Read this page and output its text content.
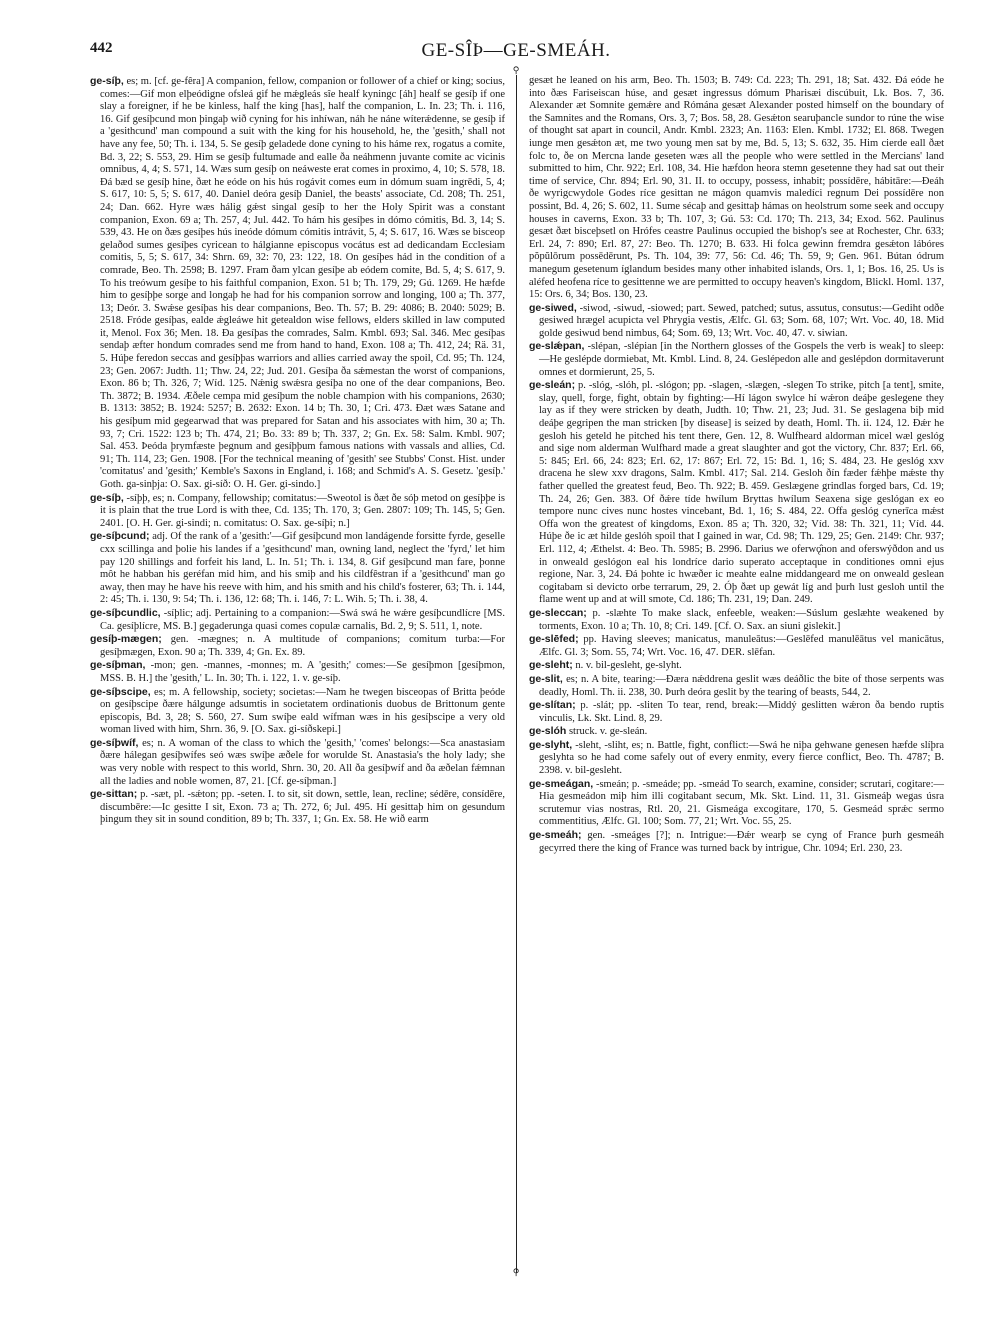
442	GE-SÎÞ—GE-SMEÁH.
⚲
⚲

ge-síþ, es; m. [cf. ge-fêra] A companion, fellow, companion or follower of a chief or king; socius, comes:—Gif mon elþeódigne ofsleá gif he mǽgleás sîe healf kyningc [áh] healf se gesíþ if one slay a foreigner, if he be kinless, half the king [has], half the companion, L. In. 23; Th. i. 116, 16. Gif gesíþcund mon þingaþ wið cyning for his inhíwan, náh he náne wíterǽdenne, se gesíþ if a 'gesithcund' man compound a suit with the king for his household, he, the 'gesith,' shall not have any fee, 50; Th. i. 134, 5. Se gesíþ geladede done cyning to his háme rex, rogatus a comite, Bd. 3, 22; S. 553, 29. Him se gesíþ fultumade and ealle ða neáhmenn juvante comite ac vicinis omnibus, 4, 4; S. 571, 14. Wæs sum gesíþ on neáweste erat comes in proximo, 4, 10; S. 578, 18. Ðá bæd se gesíþ hine, ðæt he eóde on his hús rogávit comes eum in dómum suam ingrēdi, 5, 4; S. 617, 10: 5, 5; S. 617, 40. Daniel deóra gesíþ Daniel, the beasts' associate, Cd. 208; Th. 251, 24; Dan. 662. Hyre wæs hálig gǽst singal gesíþ to her the Holy Spirit was a constant companion, Exon. 69 a; Th. 257, 4; Jul. 442. To hám his gesíþes in dómo cómitis, Bd. 3, 14; S. 539, 43. He on ðæs gesíþes hús ineóde dómum cómitis intrávit, 5, 4; S. 617, 16. Wæs se bisceop gelaðod sumes gesíþes cyricean to hálgianne episcopus vocátus est ad dedicandam Ecclesiam comitis, 5, 5; S. 617, 34: Shrn. 69, 32: 70, 23: 122, 18. On gesíþes hád in the condition of a comrade, Beo. Th. 2598; B. 1297. Fram ðam ylcan gesíþe ab eódem comite, Bd. 5, 4; S. 617, 9. To his treówum gesíþe to his faithful companion, Exon. 51 b; Th. 179, 29; Gú. 1269. He hæfde him to gesíþþe sorge and longaþ he had for his companion sorrow and longing, 100 a; Th. 377, 13; Deór. 3. Swǽse gesíþas his dear companions, Beo. Th. 57; B. 29: 4086; B. 2040: 5029; B. 2518. Fróde gesíþas, ealde ǽgleáwe hit getealdon wise fellows, elders skilled in law computed it, Menol. Fox 36; Men. 18. Ða gesíþas the comrades, Salm. Kmbl. 693; Sal. 346. Mec gesíþas sendaþ æfter hondum comrades send me from hand to hand, Exon. 108 a; Th. 412, 24; Rä. 31, 5. Húþe feredon seccas and gesíþþas warriors and allies carried away the spoil, Cd. 95; Th. 124, 23; Gen. 2067: Judth. 11; Thw. 24, 22; Jud. 201. Gesíþa ða sǽmestan the worst of companions, Exon. 86 b; Th. 326, 7; Wíd. 125. Nǽnig swǽsra gesíþa no one of the dear companions, Beo. Th. 3872; B. 1934. Æðele cempa mid gesíþum the noble champion with his companions, 2630; B. 1313: 3852; B. 1924: 5257; B. 2632: Exon. 14 b; Th. 30, 1; Cri. 473. Ðæt wæs Satane and his gesíþum mid gegearwad that was prepared for Satan and his associates with him, 30 a; Th. 93, 7; Cri. 1522: 123 b; Th. 474, 21; Bo. 33: 89 b; Th. 337, 2; Gn. Ex. 58: Salm. Kmbl. 907; Sal. 453. Þeóda þrymfæste þegnum and gesíþþum famous nations with vassals and allies, Cd. 91; Th. 114, 23; Gen. 1908. [For the technical meaning of 'gesith' see Stubbs' Const. Hist. under 'comitatus' and 'gesith;' Kemble's Saxons in England, i. 168; and Schmid's A. S. Gesetz. 'gesíþ.' Goth. ga-sinþja: O. Sax. gi-síð: O. H. Ger. gi-sindo.]

ge-síþ, -síþþ, es; n. Company, fellowship; comitatus:—Sweotol is ðæt ðe sóþ metod on gesíþþe is it is plain that the true Lord is with thee, Cd. 135; Th. 170, 3; Gen. 2807: 109; Th. 145, 5; Gen. 2401. [O. H. Ger. gi-sindi; n. comitatus: O. Sax. ge-síþi; n.]

ge-síþcund; adj. Of the rank of a 'gesith:'—Gif gesíþcund mon landágende forsitte fyrde, geselle cxx scillinga and þolie his landes if a 'gesithcund' man, owning land, neglect the 'fyrd,' let him pay 120 shillings and forfeit his land, L. In. 51; Th. i. 134, 8. Gif gesíþcund man fare, þonne môt he habban his geréfan mid him, and his smiþ and his cildfêstran if a 'gesithcund' man go away, then may he have his reeve with him, and his smith and his child's fosterer, 63; Th. i. 144, 2: 45; Th. i. 130, 9: 54; Th. i. 136, 12: 68; Th. i. 146, 7: L. Wih. 5; Th. i. 38, 4.

ge-síþcundlic, -síþlic; adj. Pertaining to a companion:—Swá swá he wǽre gesíþcundlícre [MS. Ca. gesíþlícre, MS. B.] gegaderunga quasi comes copulæ carnalis, Bd. 2, 9; S. 511, 1, note.

gesíþ-mægen; gen. -mægnes; n. A multitude of companions; comitum turba:—For gesíþmægen, Exon. 90 a; Th. 339, 4; Gn. Ex. 89.

ge-síþman, -mon; gen. -mannes, -monnes; m. A 'gesith;' comes:—Se gesíþmon [gesíþmon, MSS. B. H.] the 'gesith,' L. In. 30; Th. i. 122, 1. v. ge-síþ.

ge-síþscipe, es; m. A fellowship, society; societas:—Nam he twegen bisceopas of Britta þeóde on gesíþscipe ðære hálgunge adsumtis in societatem ordinationis duobus de Brittonum gente episcopis, Bd. 3, 28; S. 560, 27. Sum swíþe eald wífman wæs in his gesíþscipe a very old woman lived with him, Shrn. 36, 9. [O. Sax. gi-síðskepi.]

ge-síþwíf, es; n. A woman of the class to which the 'gesith,' 'comes' belongs:—Sca anastasiam ðære hálegan gesíþwífes seó wæs swíþe æðele for worulde St. Anastasia's the holy lady; she was very noble with respect to this world, Shrn. 30, 20. All ða gesíþwíf and ða æðelan fǽmnan all the ladies and noble women, 87, 21. [Cf. ge-síþman.]

ge-sittan; p. -sæt, pl. -sǽton; pp. -seten. I. to sit, sit down, settle, lean, recline; sédēre, consídēre, discumbēre:—Ic gesitte I sit, Exon. 73 a; Th. 272, 6; Jul. 495. Hí gesittaþ him on gesundum þingum they sit in sound condition, 89 b; Th. 337, 1; Gn. Ex. 58. He wið earm

gesæt he leaned on his arm, Beo. Th. 1503; B. 749: Cd. 223; Th. 291, 18; Sat. 432. Ðá eóde he into ðæs Fariseiscan húse, and gesæt ingressus dómum Pharisæi discúbuit, Lk. Bos. 7, 36. Alexander æt Somnite gemǽre and Rómána gesæt Alexander posted himself on the boundary of the Samnites and the Romans, Ors. 3, 7; Bos. 58, 28. Gesǽton searuþancle sundor to rúne the wise of thought sat apart in council, Andr. Kmbl. 2323; An. 1163: Elen. Kmbl. 1732; El. 868. Twegen iunge men gesǽton æt, me two young men sat by me, Bd. 5, 13; S. 632, 35. Him cierde eall ðæt folc to, ðe on Mercna lande geseten wæs all the people who were settled in the Mercians' land submitted to him, Chr. 922; Erl. 108, 34. Hie hæfdon heora stemn gesetenne they had sat out their time of service, Chr. 894; Erl. 90, 31. II. to occupy, possess, inhabit; possídēre, hábitāre:—Ðeáh ðe wyrigcwydole Godes ríce gesittan ne mágon quamvis maledíci regnum Dei possídēre non possint, Bd. 4, 26; S. 602, 11. Sume sécaþ and gesittaþ hámas on heolstrum some seek and occupy houses in caverns, Exon. 33 b; Th. 107, 3; Gú. 53: Cd. 170; Th. 213, 34; Exod. 562. Paulinus gesæt ðæt bisceþsetl on Hrófes ceastre Paulinus occupied the bishop's see at Rochester, Chr. 633; Erl. 24, 7: 890; Erl. 87, 27: Beo. Th. 1270; B. 633. Hi folca gewinn fremdra gesǽton lábóres pŏpŭlōrum possēdērunt, Ps. Th. 104, 39: 77, 56: Cd. 46; Th. 59, 9; Gen. 961. Bútan ódrum manegum gesetenum íglandum besides many other inhabited islands, Ors. 1, 1; Bos. 16, 25. Us is aléfed heofena ríce to gesittenne we are permitted to occupy heaven's kingdom, Blickl. Homl. 137, 15: Ors. 6, 34; Bos. 130, 23.

ge-siwed, -siwod, -siwud, -siowed; part. Sewed, patched; sutus, assutus, consutus:—Gediht odðe gesiwed hrægel acupicta vel Phrygia vestis, Ælfc. Gl. 63; Som. 68, 107; Wrt. Voc. 40, 18. Mid golde gesiwud bend nimbus, 64; Som. 69, 13; Wrt. Voc. 40, 47. v. siwian.

ge-slǽpan, -slépan, -slépian [in the Northern glosses of the Gospels the verb is weak] to sleep:—He geslépde dormiebat, Mt. Kmbl. Lind. 8, 24. Geslépedon alle and geslépdon dormitaverunt omnes et dormierunt, 25, 5.

ge-sleán; p. -slóg, -slóh, pl. -slógon; pp. -slagen, -slægen, -slegen To strike, pitch [a tent], smite, slay, quell, forge, fight, obtain by fighting:—Hí lágon swylce hí wǽron deáþe geslegene they lay as if they were stricken by death, Judth. 10; Thw. 21, 23; Jud. 31. Se geslagena biþ mid deáþe gegripen the man stricken [by disease] is seized by death, Homl. Th. ii. 124, 12. Ðǽr he gesloh his geteld he pitched his tent there, Gen. 12, 8. Wulfheard aldorman micel wæl geslóg and sige nom alderman Wulfhard made a great slaughter and got the victory, Chr. 837; Erl. 66, 5: 845; Erl. 66, 24: 823; Erl. 62, 17: 867; Erl. 72, 15: Bd. 1, 16; S. 484, 23. He geslóg xxv dracena he slew xxv dragons, Salm. Kmbl. 417; Sal. 214. Gesloh ðín fæder fǽhþe mǽste thy father quelled the greatest feud, Beo. Th. 922; B. 459. Geslægene grindlas forged bars, Cd. 19; Th. 24, 26; Gen. 383. Of ðǽre tíde hwílum Bryttas hwílum Seaxena sige geslógan ex eo tempore nunc cives nunc hostes vincebant, Bd. 1, 16; S. 484, 22. Offa geslóg cynerīca mǽst Offa won the greatest of kingdoms, Exon. 85 a; Th. 320, 32; Víd. 38: Th. 321, 11; Víd. 44. Húþe ðe ic æt hilde geslóh spoil that I gained in war, Cd. 98; Th. 129, 25; Gen. 2149: Chr. 937; Erl. 112, 4; Æthelst. 4: Beo. Th. 5985; B. 2996. Darius we oferwǫ̂non and oferswýðdon and us in onweald geslógon eal his londríce dario superato acceptaque in conditiones omni ejus regione, Nar. 3, 24. Ðá þohte ic hwæðer ic meahte ealne middangeard me on onweald geslean cogitabam si devicto orbe terrarum, 29, 2. Óþ ðæt up gewát líg and þurh lust gesloh until the flame went up and at will smote, Cd. 186; Th. 231, 19; Dan. 249.

ge-sleccan; p. -slæhte To make slack, enfeeble, weaken:—Súslum geslæhte weakened by torments, Exon. 10 a; Th. 10, 8; Cri. 149. [Cf. O. Sax. an siuni gislekit.]

ge-slēfed; pp. Having sleeves; manicatus, manuleātus:—Geslēfed manulēātus vel manicātus, Ælfc. Gl. 3; Som. 55, 74; Wrt. Voc. 16, 47. DER. slēfan.

ge-sleht; n. v. bil-gesleht, ge-slyht.

ge-slit, es; n. A bite, tearing:—Ðæra nǽddrena geslit wæs deáðlic the bite of those serpents was deadly, Homl. Th. ii. 238, 30. Þurh deóra geslit by the tearing of beasts, 544, 2.

ge-slítan; p. -slát; pp. -sliten To tear, rend, break:—Middý geslitten wǽron ða bendo ruptis vinculis, Lk. Skt. Lind. 8, 29.

ge-slóh struck. v. ge-sleán.

ge-slyht, -sleht, -sliht, es; n. Battle, fight, conflict:—Swá he niþa gehwane genesen hæfde slíþra geslyhta so he had come safely out of every enmity, every fierce conflict, Beo. Th. 4787; B. 2398. v. bil-gesleht.

ge-smeágan, -smeán; p. -smeáde; pp. -smeád To search, examine, consider; scrutari, cogitare:—Hia gesmeádon miþ him illi cogitabant secum, Mk. Skt. Lind. 11, 31. Gismeáþ wegas úsra scrutemur vias nostras, Rtl. 20, 21. Gismeága excogitare, 170, 5. Gesmeád sprǽc sermo commentitius, Ælfc. Gl. 100; Som. 77, 21; Wrt. Voc. 55, 25.

ge-smeáh; gen. -smeáges [?]; n. Intrigue:—Ðǽr wearþ se cyng of France þurh gesmeáh gecyrred there the king of France was turned back by intrigue, Chr. 1094; Erl. 230, 23.
